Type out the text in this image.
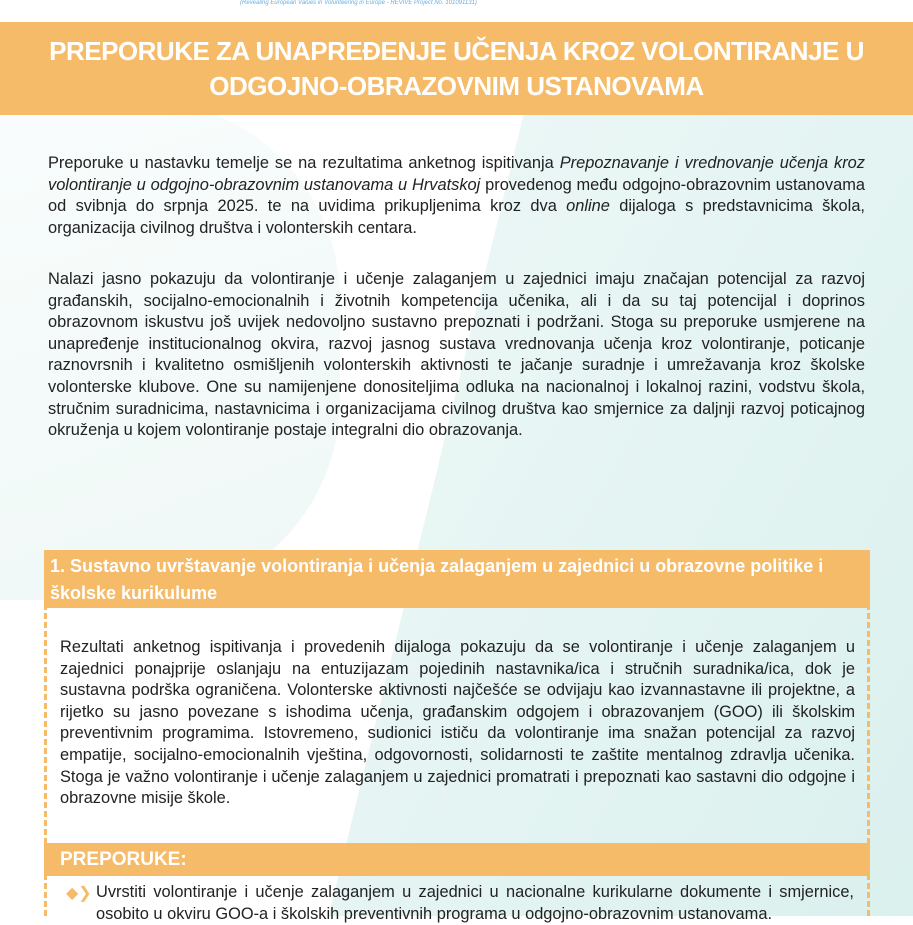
(Revealing European Values in Volunteering in Europe - REVIVE Project No. 101091131)
PREPORUKE ZA UNAPREĐENJE UČENJA KROZ VOLONTIRANJE U ODGOJNO-OBRAZOVNIM USTANOVAMA
Preporuke u nastavku temelje se na rezultatima anketnog ispitivanja Prepoznavanje i vrednovanje učenja kroz volontiranje u odgojno-obrazovnim ustanovama u Hrvatskoj provedenog među odgojno-obrazovnim ustanovama od svibnja do srpnja 2025. te na uvidima prikupljenima kroz dva online dijaloga s predstavnicima škola, organizacija civilnog društva i volonterskih centara.
Nalazi jasno pokazuju da volontiranje i učenje zalaganjem u zajednici imaju značajan potencijal za razvoj građanskih, socijalno-emocionalnih i životnih kompetencija učenika, ali i da su taj potencijal i doprinos obrazovnom iskustvu još uvijek nedovoljno sustavno prepoznati i podržani. Stoga su preporuke usmjerene na unapređenje institucionalnog okvira, razvoj jasnog sustava vrednovanja učenja kroz volontiranje, poticanje raznovrsnih i kvalitetno osmišljenih volonterskih aktivnosti te jačanje suradnje i umrežavanja kroz školske volonterske klubove. One su namijenjene donositeljima odluka na nacionalnoj i lokalnoj razini, vodstvu škola, stručnim suradnicima, nastavnicima i organizacijama civilnog društva kao smjernice za daljnji razvoj poticajnog okruženja u kojem volontiranje postaje integralni dio obrazovanja.
1. Sustavno uvrštavanje volontiranja i učenja zalaganjem u zajednici u obrazovne politike i školske kurikulume
Rezultati anketnog ispitivanja i provedenih dijaloga pokazuju da se volontiranje i učenje zalaganjem u zajednici ponajprije oslanjaju na entuzijazam pojedinih nastavnika/ica i stručnih suradnika/ica, dok je sustavna podrška ograničena. Volonterske aktivnosti najčešće se odvijaju kao izvannastavne ili projektne, a rijetko su jasno povezane s ishodima učenja, građanskim odgojem i obrazovanjem (GOO) ili školskim preventivnim programima. Istovremeno, sudionici ističu da volontiranje ima snažan potencijal za razvoj empatije, socijalno-emocionalnih vještina, odgovornosti, solidarnosti te zaštite mentalnog zdravlja učenika. Stoga je važno volontiranje i učenje zalaganjem u zajednici promatrati i prepoznati kao sastavni dio odgojne i obrazovne misije škole.
PREPORUKE:
◆❯ Uvrstiti volontiranje i učenje zalaganjem u zajednici u nacionalne kurikularne dokumente i smjernice, osobito u okviru GOO-a i školskih preventivnih programa u odgojno-obrazovnim ustanovama.
